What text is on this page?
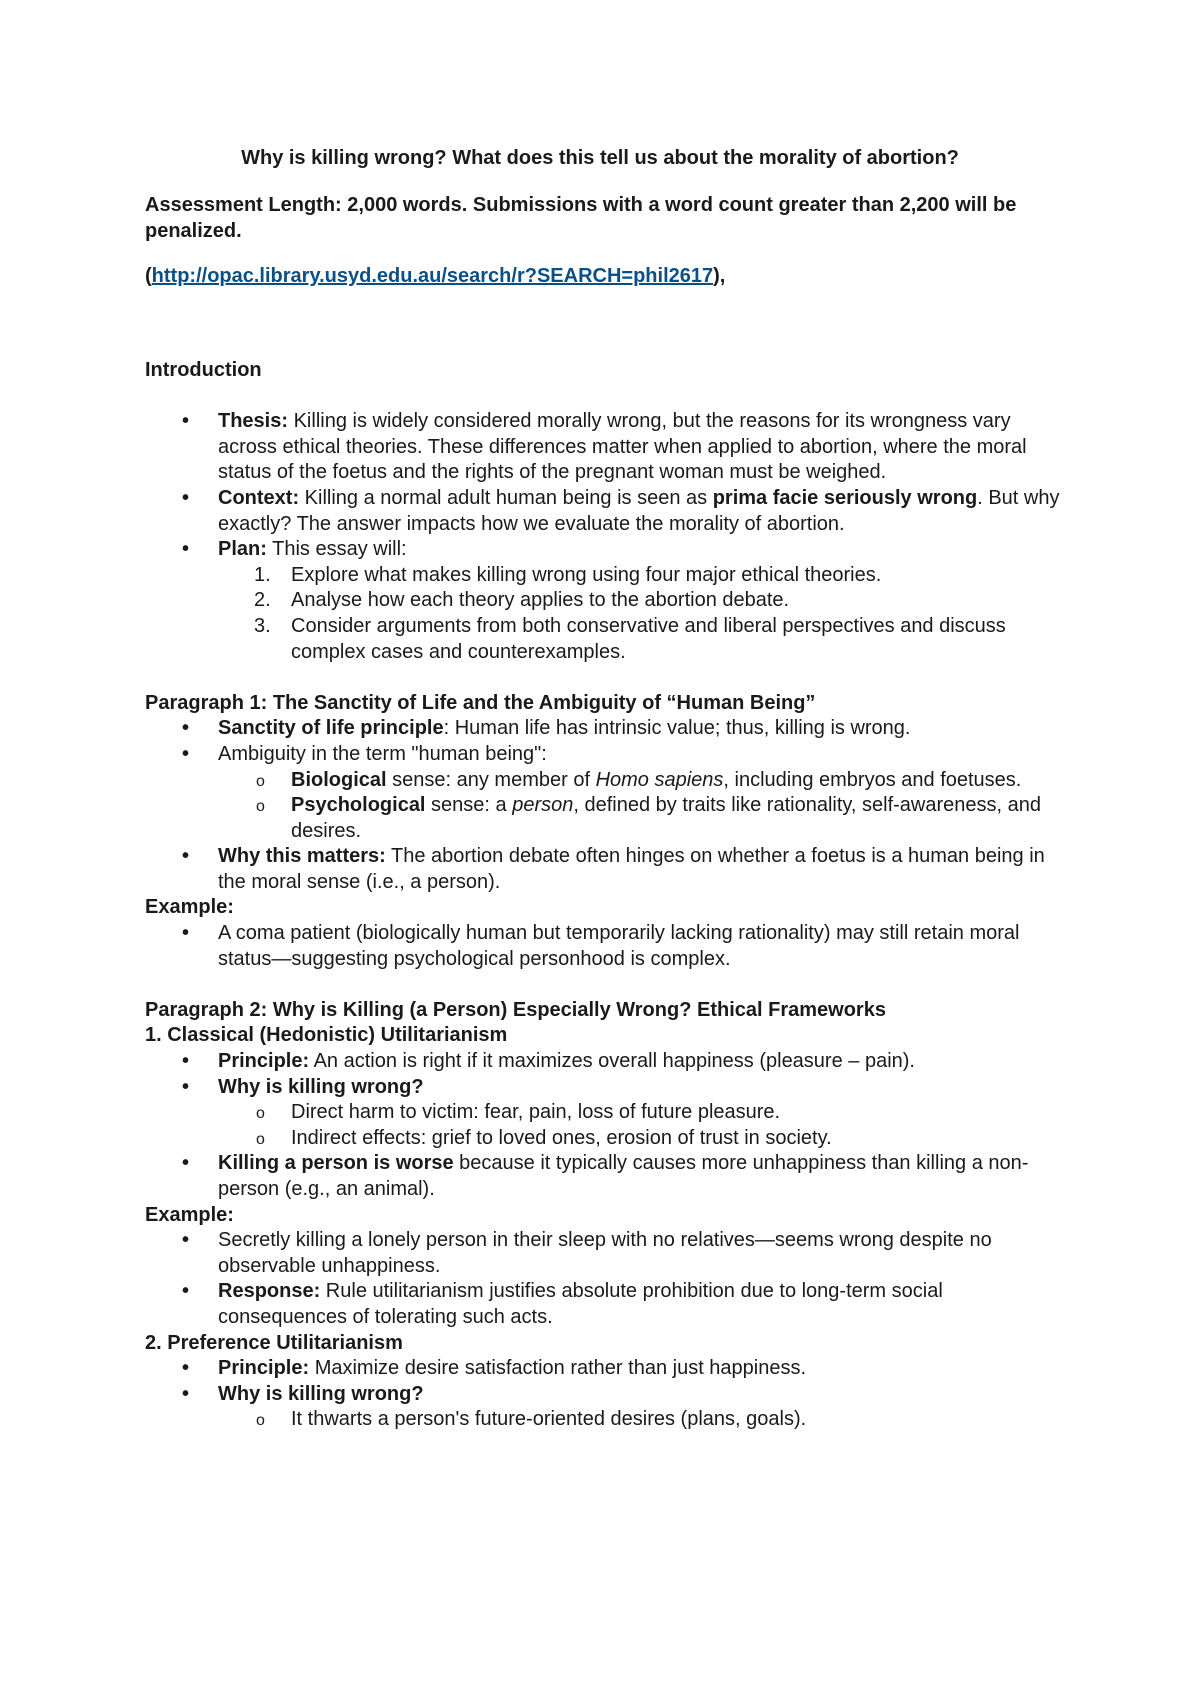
Why is killing wrong? What does this tell us about the morality of abortion?
Assessment Length: 2,000 words. Submissions with a word count greater than 2,200 will be penalized.
(http://opac.library.usyd.edu.au/search/r?SEARCH=phil2617),
Introduction
• Thesis: Killing is widely considered morally wrong, but the reasons for its wrongness vary across ethical theories. These differences matter when applied to abortion, where the moral status of the foetus and the rights of the pregnant woman must be weighed.
• Context: Killing a normal adult human being is seen as prima facie seriously wrong. But why exactly? The answer impacts how we evaluate the morality of abortion.
• Plan: This essay will:
1. Explore what makes killing wrong using four major ethical theories.
2. Analyse how each theory applies to the abortion debate.
3. Consider arguments from both conservative and liberal perspectives and discuss complex cases and counterexamples.
Paragraph 1: The Sanctity of Life and the Ambiguity of “Human Being”
• Sanctity of life principle: Human life has intrinsic value; thus, killing is wrong.
• Ambiguity in the term "human being":
o Biological sense: any member of Homo sapiens, including embryos and foetuses.
o Psychological sense: a person, defined by traits like rationality, self-awareness, and desires.
• Why this matters: The abortion debate often hinges on whether a foetus is a human being in the moral sense (i.e., a person).
Example:
• A coma patient (biologically human but temporarily lacking rationality) may still retain moral status—suggesting psychological personhood is complex.
Paragraph 2: Why is Killing (a Person) Especially Wrong? Ethical Frameworks
1. Classical (Hedonistic) Utilitarianism
• Principle: An action is right if it maximizes overall happiness (pleasure – pain).
• Why is killing wrong?
o Direct harm to victim: fear, pain, loss of future pleasure.
o Indirect effects: grief to loved ones, erosion of trust in society.
• Killing a person is worse because it typically causes more unhappiness than killing a non-person (e.g., an animal).
Example:
• Secretly killing a lonely person in their sleep with no relatives—seems wrong despite no observable unhappiness.
• Response: Rule utilitarianism justifies absolute prohibition due to long-term social consequences of tolerating such acts.
2. Preference Utilitarianism
• Principle: Maximize desire satisfaction rather than just happiness.
• Why is killing wrong?
o It thwarts a person's future-oriented desires (plans, goals).
